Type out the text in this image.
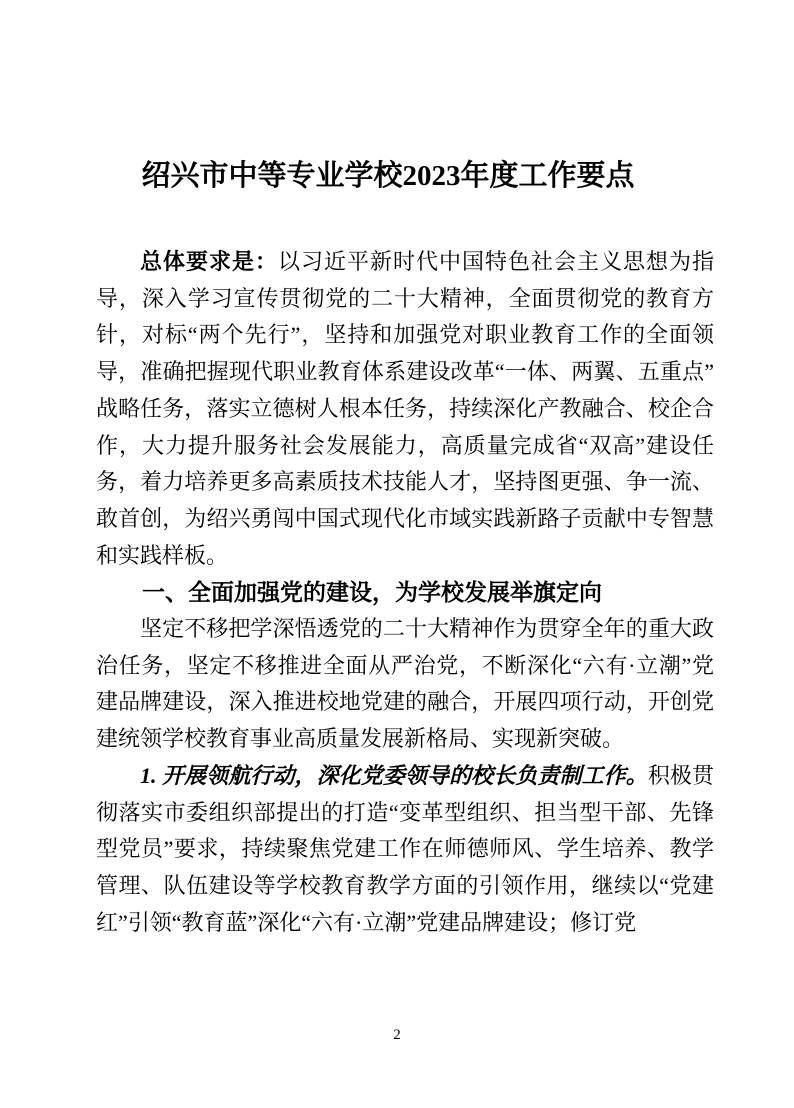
绍兴市中等专业学校2023年度工作要点

总体要求是：以习近平新时代中国特色社会主义思想为指导，深入学习宣传贯彻党的二十大精神，全面贯彻党的教育方针，对标“两个先行”，坚持和加强党对职业教育工作的全面领导，准确把握现代职业教育体系建设改革“一体、两翼、五重点”战略任务，落实立德树人根本任务，持续深化产教融合、校企合作，大力提升服务社会发展能力，高质量完成省“双高”建设任务，着力培养更多高素质技术技能人才，坚持图更强、争一流、敢首创，为绍兴勇闯中国式现代化市域实践新路子贡献中专智慧和实践样板。

一、全面加强党的建设，为学校发展举旗定向

坚定不移把学深悟透党的二十大精神作为贯穿全年的重大政治任务，坚定不移推进全面从严治党，不断深化“六有·立潮”党建品牌建设，深入推进校地党建的融合，开展四项行动，开创党建统领学校教育事业高质量发展新格局、实现新突破。

1. 开展领航行动，深化党委领导的校长负责制工作。积极贯彻落实市委组织部提出的打造“变革型组织、担当型干部、先锋型党员”要求，持续聚焦党建工作在师德师风、学生培养、教学管理、队伍建设等学校教育教学方面的引领作用，继续以“党建红”引领“教育蓝”深化“六有·立潮”党建品牌建设；修订党

2
